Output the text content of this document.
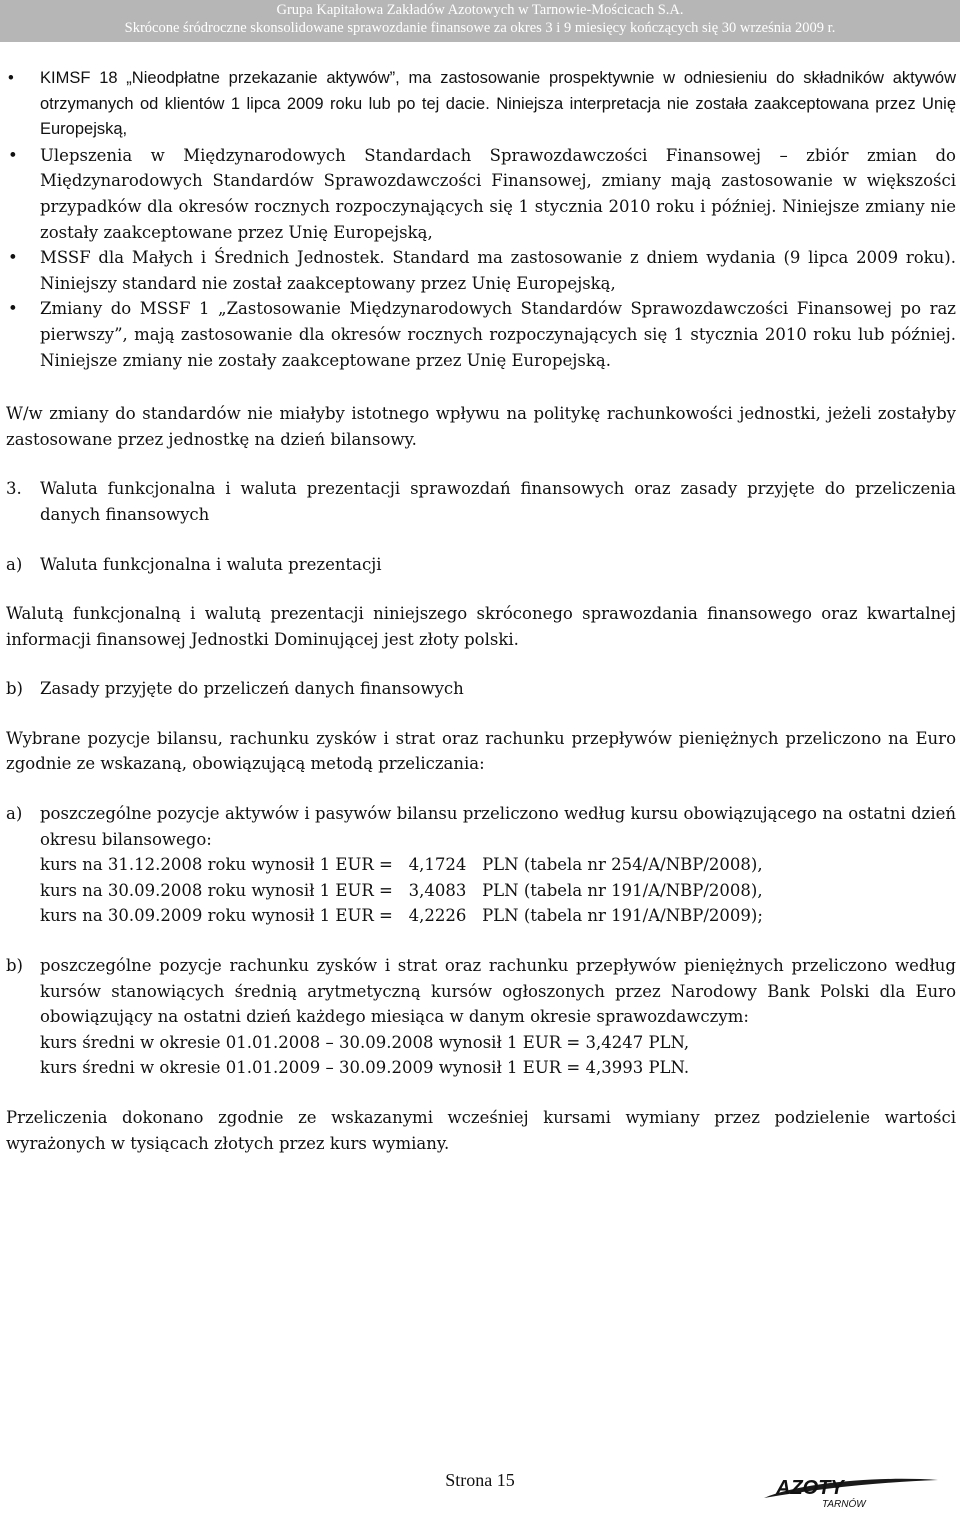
Grupa Kapitałowa Zakładów Azotowych w Tarnowie-Mościcach S.A.
Skrócone śródroczne skonsolidowane sprawozdanie finansowe za okres 3 i 9 miesięcy kończących się 30 września 2009 r.

• KIMSF 18 „Nieodpłatne przekazanie aktywów”, ma zastosowanie prospektywnie w odniesieniu do składników aktywów otrzymanych od klientów 1 lipca 2009 roku lub po tej dacie. Niniejsza interpretacja nie została zaakceptowana przez Unię Europejską,

• Ulepszenia w Międzynarodowych Standardach Sprawozdawczości Finansowej – zbiór zmian do Międzynarodowych Standardów Sprawozdawczości Finansowej, zmiany mają zastosowanie w większości przypadków dla okresów rocznych rozpoczynających się 1 stycznia 2010 roku i później. Niniejsze zmiany nie zostały zaakceptowane przez Unię Europejską,

• MSSF dla Małych i Średnich Jednostek. Standard ma zastosowanie z dniem wydania (9 lipca 2009 roku). Niniejszy standard nie został zaakceptowany przez Unię Europejską,

• Zmiany do MSSF 1 „Zastosowanie Międzynarodowych Standardów Sprawozdawczości Finansowej po raz pierwszy”, mają zastosowanie dla okresów rocznych rozpoczynających się 1 stycznia 2010 roku lub później. Niniejsze zmiany nie zostały zaakceptowane przez Unię Europejską.

W/w zmiany do standardów nie miałyby istotnego wpływu na politykę rachunkowości jednostki, jeżeli zostałyby zastosowane przez jednostkę na dzień bilansowy.

3.	Waluta funkcjonalna i waluta prezentacji sprawozdań finansowych oraz zasady przyjęte do przeliczenia danych finansowych
a)	Waluta funkcjonalna i waluta prezentacji

Walutą funkcjonalną i walutą prezentacji niniejszego skróconego sprawozdania finansowego oraz kwartalnej informacji finansowej Jednostki Dominującej jest złoty polski.

b)	Zasady przyjęte do przeliczeń danych finansowych

Wybrane pozycje bilansu, rachunku zysków i strat oraz rachunku przepływów pieniężnych przeliczono na Euro zgodnie ze wskazaną, obowiązującą metodą przeliczania:

a)	poszczególne pozycje aktywów i pasywów bilansu przeliczono według kursu obowiązującego na ostatni dzień okresu bilansowego:

kurs na 31.12.2008 roku wynosił 1 EUR =   4,1724   PLN (tabela nr 254/A/NBP/2008),

kurs na 30.09.2008 roku wynosił 1 EUR =   3,4083   PLN (tabela nr 191/A/NBP/2008),

kurs na 30.09.2009 roku wynosił 1 EUR =   4,2226   PLN (tabela nr 191/A/NBP/2009);

b)	poszczególne pozycje rachunku zysków i strat oraz rachunku przepływów pieniężnych przeliczono według kursów stanowiących średnią arytmetyczną kursów ogłoszonych przez Narodowy Bank Polski dla Euro obowiązujący na ostatni dzień każdego miesiąca w danym okresie sprawozdawczym:

kurs średni w okresie 01.01.2008 – 30.09.2008 wynosił 1 EUR = 3,4247 PLN,

kurs średni w okresie 01.01.2009 – 30.09.2009 wynosił 1 EUR = 4,3993 PLN.

Przeliczenia dokonano zgodnie ze wskazanymi wcześniej kursami wymiany przez podzielenie wartości wyrażonych w tysiącach złotych przez kurs wymiany.

Strona 15	AZOTY
TARNÓW
